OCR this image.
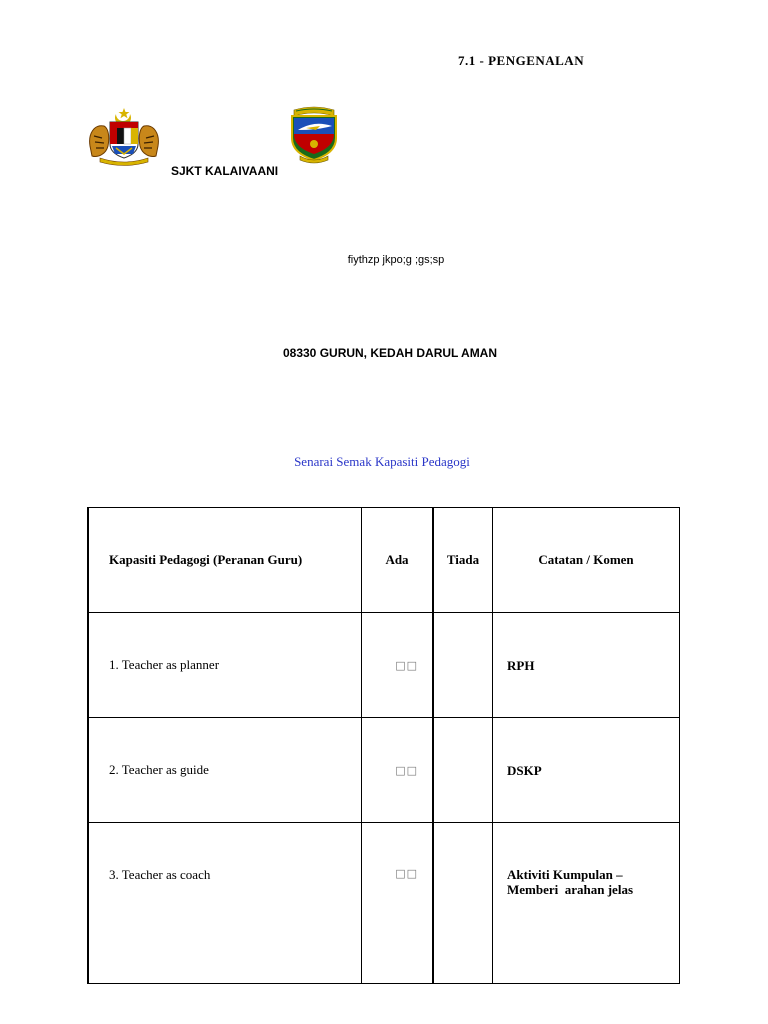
7.1 - PENGENALAN
SJKT KALAIVAANI
fiythzp jkpo;g ;gs;sp
08330 GURUN, KEDAH DARUL AMAN
Senarai Semak Kapasiti Pedagogi
Kapasiti Pedagogi (Peranan Guru)	Ada	Tiada	Catatan / Komen
1. Teacher as planner	□□		RPH
2. Teacher as guide	□□		DSKP
3. Teacher as coach	□□		Aktiviti Kumpulan –
Memberi  arahan jelas
